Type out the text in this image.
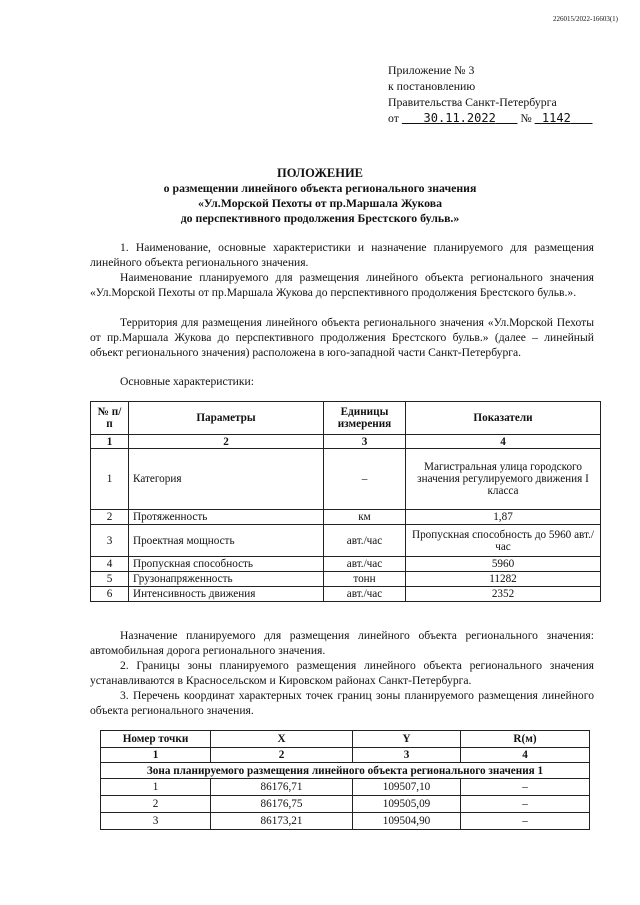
226015/2022-16603(1)
Приложение № 3
к постановлению
Правительства Санкт-Петербурга
от 30.11.2022 № 1142
ПОЛОЖЕНИЕ
о размещении линейного объекта регионального значения
«Ул.Морской Пехоты от пр.Маршала Жукова
до перспективного продолжения Брестского бульв.»
1. Наименование, основные характеристики и назначение планируемого для размещения линейного объекта регионального значения.
Наименование планируемого для размещения линейного объекта регионального значения «Ул.Морской Пехоты от пр.Маршала Жукова до перспективного продолжения Брестского бульв.».
Территория для размещения линейного объекта регионального значения «Ул.Морской Пехоты от пр.Маршала Жукова до перспективного продолжения Брестского бульв.» (далее – линейный объект регионального значения) расположена в юго-западной части Санкт-Петербурга.
Основные характеристики:
№ п/п	Параметры	Единицы измерения	Показатели
1	2	3	4
1	Категория	–	Магистральная улица городского значения регулируемого движения I класса
2	Протяженность	км	1,87
3	Проектная мощность	авт./час	Пропускная способность до 5960 авт./час
4	Пропускная способность	авт./час	5960
5	Грузонапряженность	тонн	11282
6	Интенсивность движения	авт./час	2352
Назначение планируемого для размещения линейного объекта регионального значения: автомобильная дорога регионального значения.
2. Границы зоны планируемого размещения линейного объекта регионального значения устанавливаются в Красносельском и Кировском районах Санкт-Петербурга.
3. Перечень координат характерных точек границ зоны планируемого размещения линейного объекта регионального значения.
Номер точки	X	Y	R(м)
1	2	3	4
Зона планируемого размещения линейного объекта регионального значения 1			
1	86176,71	109507,10	–
2	86176,75	109505,09	–
3	86173,21	109504,90	–
